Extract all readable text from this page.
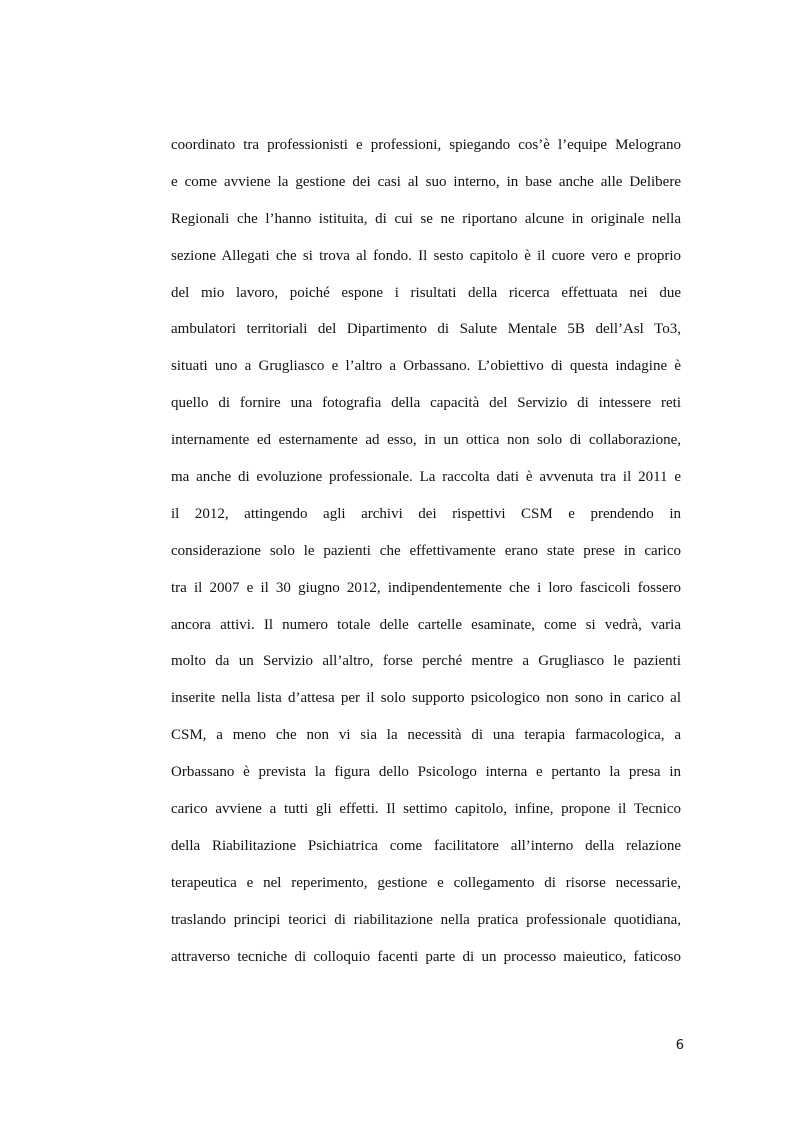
coordinato tra professionisti e professioni, spiegando cos’è l’equipe Melograno
e come avviene la gestione dei casi al suo interno, in base anche alle Delibere
Regionali che l’hanno istituita, di cui se ne riportano alcune in originale nella
sezione Allegati che si trova al fondo. Il sesto capitolo è il cuore vero e proprio
del mio lavoro, poiché espone i risultati della ricerca effettuata nei due
ambulatori territoriali del Dipartimento di Salute Mentale 5B dell’Asl To3,
situati uno a Grugliasco e l’altro a Orbassano. L’obiettivo di questa indagine è
quello di fornire una fotografia della capacità del Servizio di intessere reti
internamente ed esternamente ad esso, in un ottica non solo di collaborazione,
ma anche di evoluzione professionale. La raccolta dati è avvenuta tra il 2011 e
il 2012, attingendo agli archivi dei rispettivi CSM e prendendo in
considerazione solo le pazienti che effettivamente erano state prese in carico
tra il 2007 e il 30 giugno 2012, indipendentemente che i loro fascicoli fossero
ancora attivi. Il numero totale delle cartelle esaminate, come si vedrà, varia
molto da un Servizio all’altro, forse perché mentre a Grugliasco le pazienti
inserite nella lista d’attesa per il solo supporto psicologico non sono in carico al
CSM, a meno che non vi sia la necessità di una terapia farmacologica, a
Orbassano è prevista la figura dello Psicologo interna e pertanto la presa in
carico avviene a tutti gli effetti. Il settimo capitolo, infine, propone il Tecnico
della Riabilitazione Psichiatrica come facilitatore all’interno della relazione
terapeutica e nel reperimento, gestione e collegamento di risorse necessarie,
traslando principi teorici di riabilitazione nella pratica professionale quotidiana,
attraverso tecniche di colloquio facenti parte di un processo maieutico, faticoso
6
